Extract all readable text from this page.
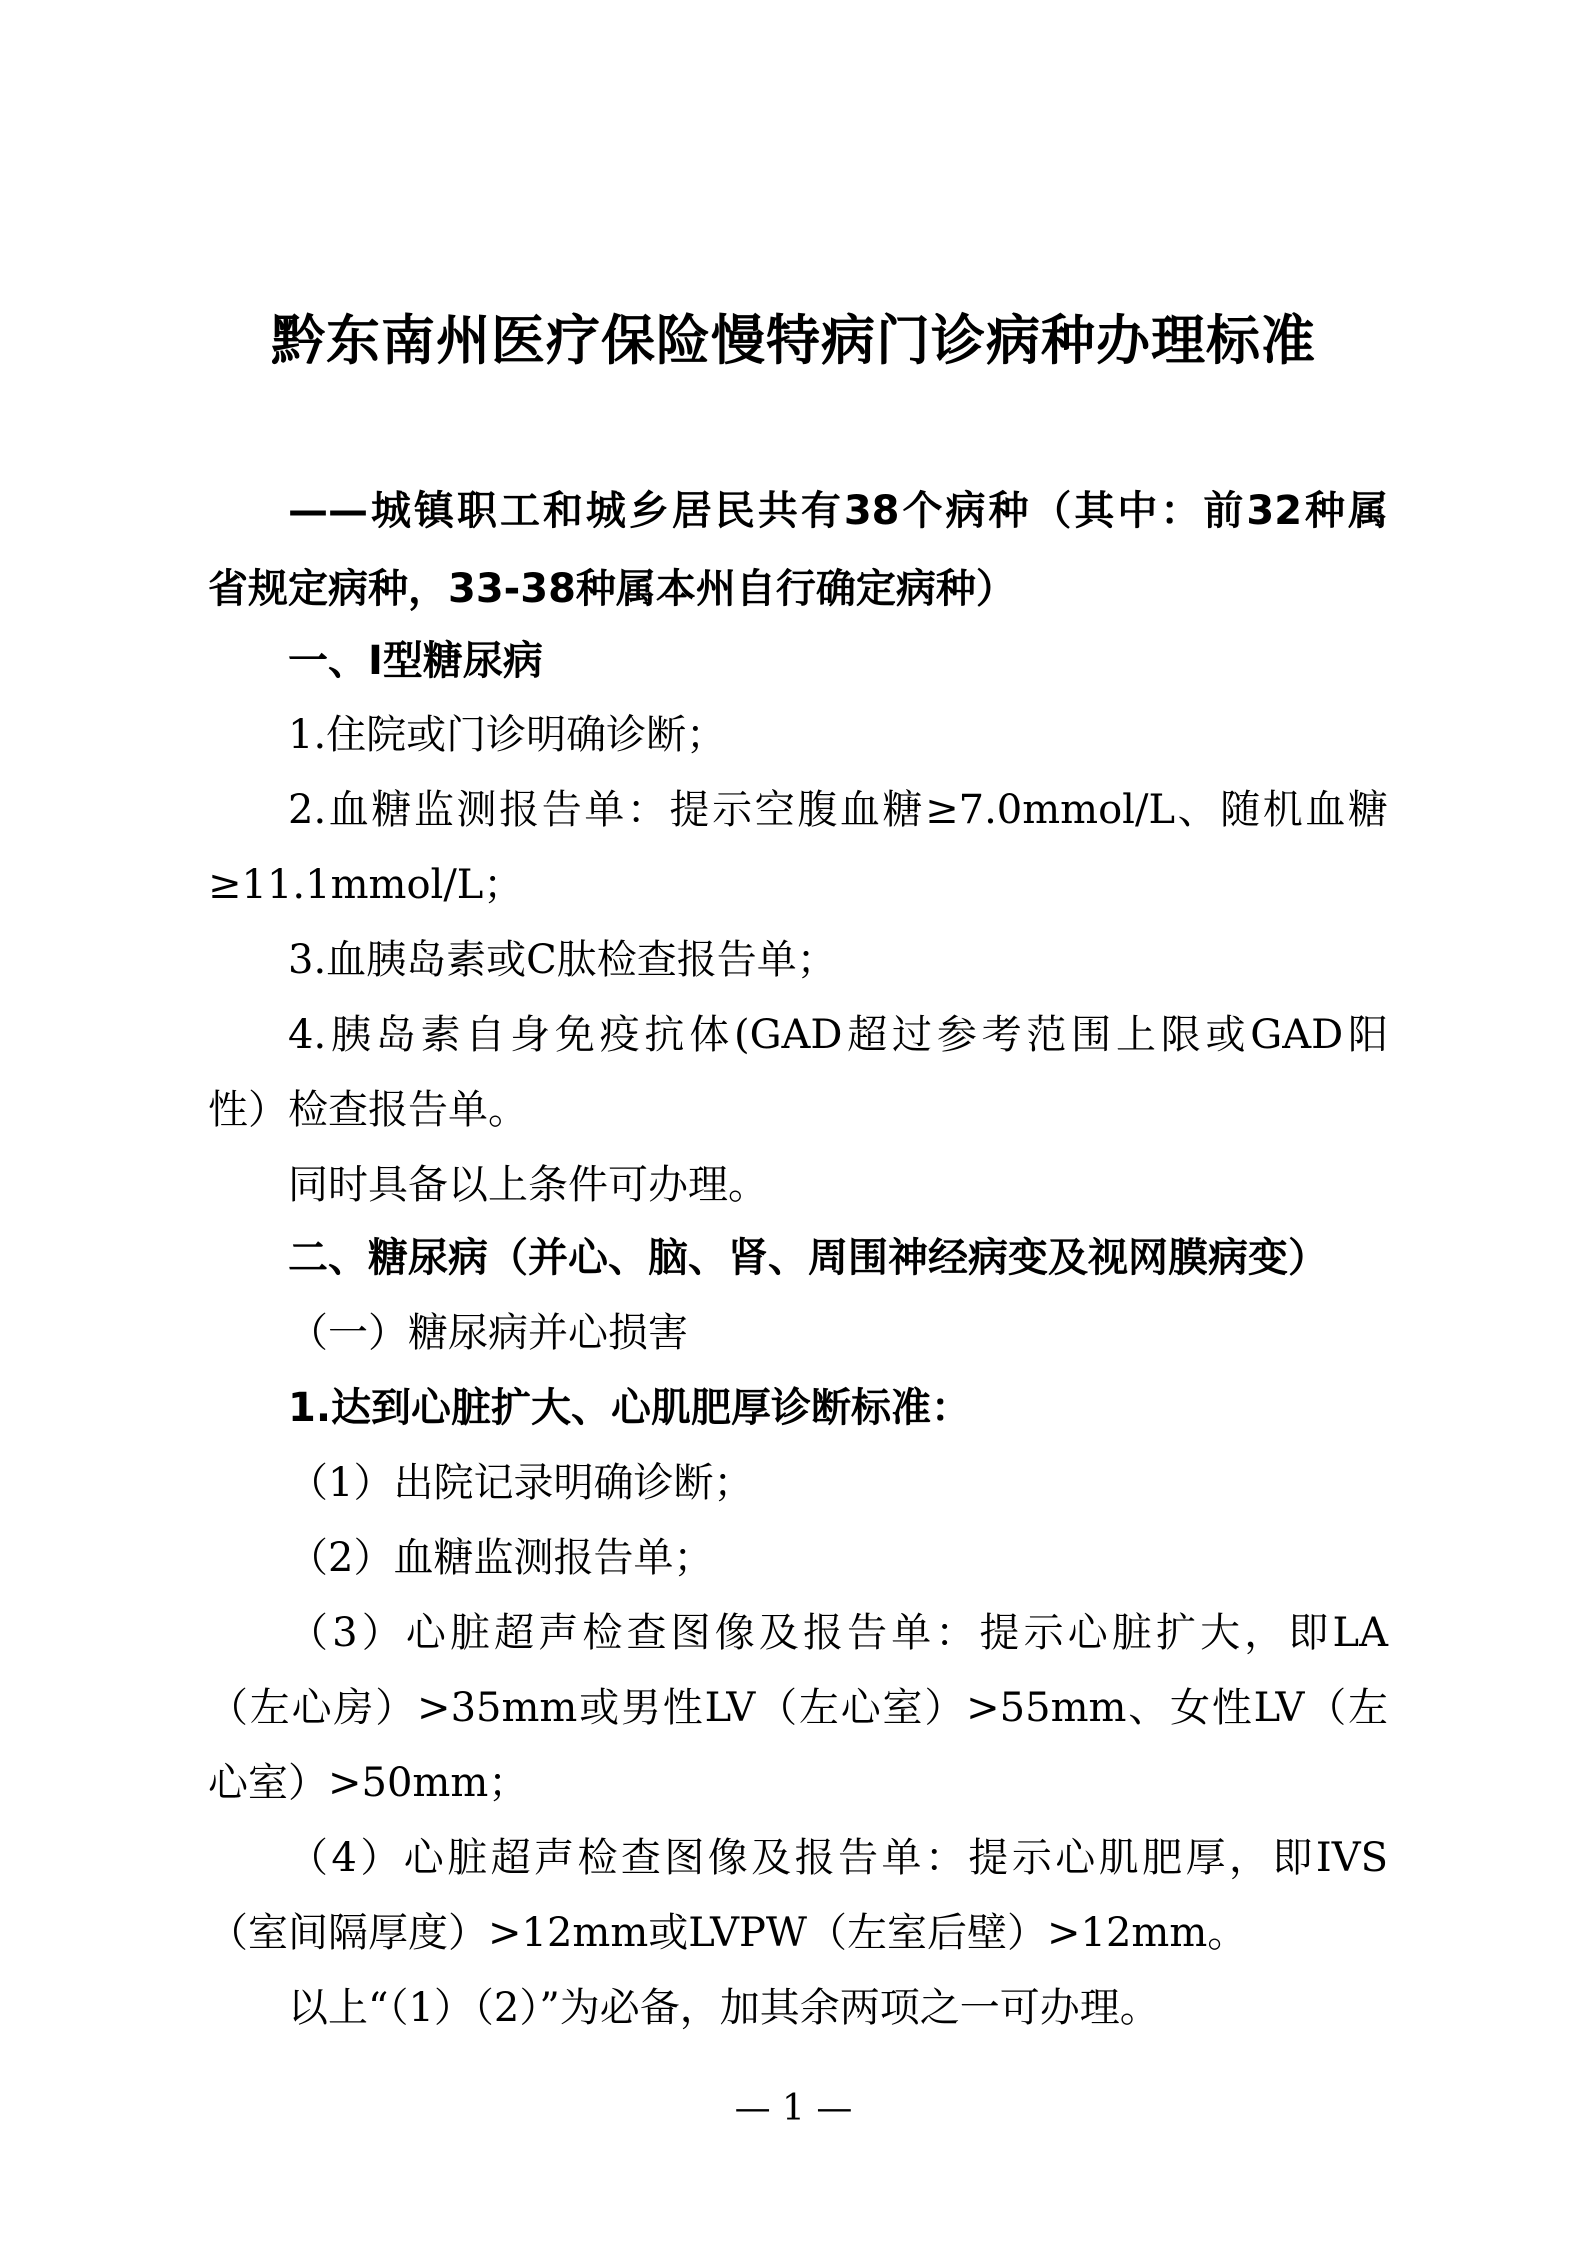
黔东南州医疗保险慢特病门诊病种办理标准

——城镇职工和城乡居民共有38个病种（其中：前32种属

省规定病种，33-38种属本州自行确定病种）

一、I型糖尿病

1.住院或门诊明确诊断；

2.血糖监测报告单：提示空腹血糖≥7.0mmol/L、随机血糖

≥11.1mmol/L；

3.血胰岛素或C肽检查报告单；

4.胰岛素自身免疫抗体(GAD超过参考范围上限或GAD阳

性）检查报告单。

同时具备以上条件可办理。

二、糖尿病（并心、脑、肾、周围神经病变及视网膜病变）

（一）糖尿病并心损害

1.达到心脏扩大、心肌肥厚诊断标准：

（1）出院记录明确诊断；

（2）血糖监测报告单；

（3）心脏超声检查图像及报告单：提示心脏扩大，即LA

（左心房）>35mm或男性LV（左心室）>55mm、女性LV（左

心室）>50mm；

（4）心脏超声检查图像及报告单：提示心肌肥厚，即IVS

（室间隔厚度）>12mm或LVPW（左室后壁）>12mm。

以上“（1）（2）”为必备，加其余两项之一可办理。

— 1 —
